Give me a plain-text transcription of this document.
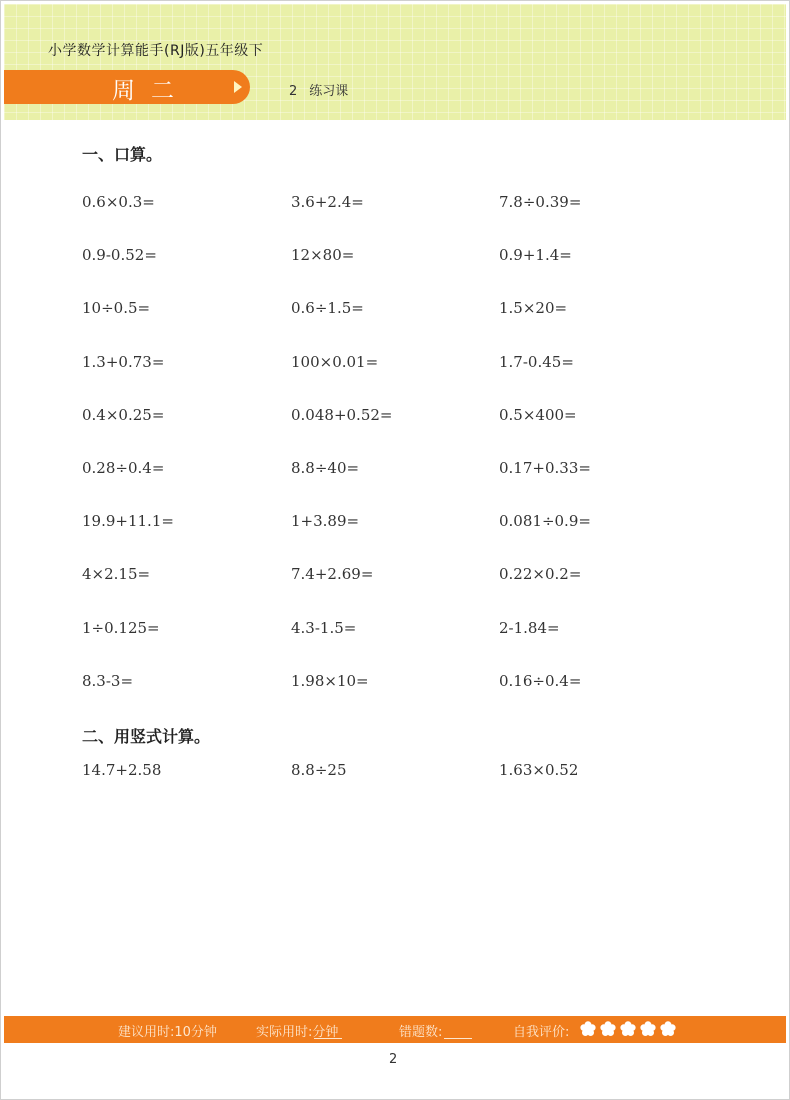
小学数学计算能手(RJ版)五年级下
周二	2 练习课
一、口算。
0.6×0.3=	3.6+2.4=	7.8÷0.39=
0.9-0.52=	12×80=	0.9+1.4=
10÷0.5=	0.6÷1.5=	1.5×20=
1.3+0.73=	100×0.01=	1.7-0.45=
0.4×0.25=	0.048+0.52=	0.5×400=
0.28÷0.4=	8.8÷40=	0.17+0.33=
19.9+11.1=	1+3.89=	0.081÷0.9=
4×2.15=	7.4+2.69=	0.22×0.2=
1÷0.125=	4.3-1.5=	2-1.84=
8.3-3=	1.98×10=	0.16÷0.4=
二、用竖式计算。
14.7+2.58	8.8÷25	1.63×0.52
建议用时:10分钟	实际用时:
分钟	错题数:	自我评价:
2
